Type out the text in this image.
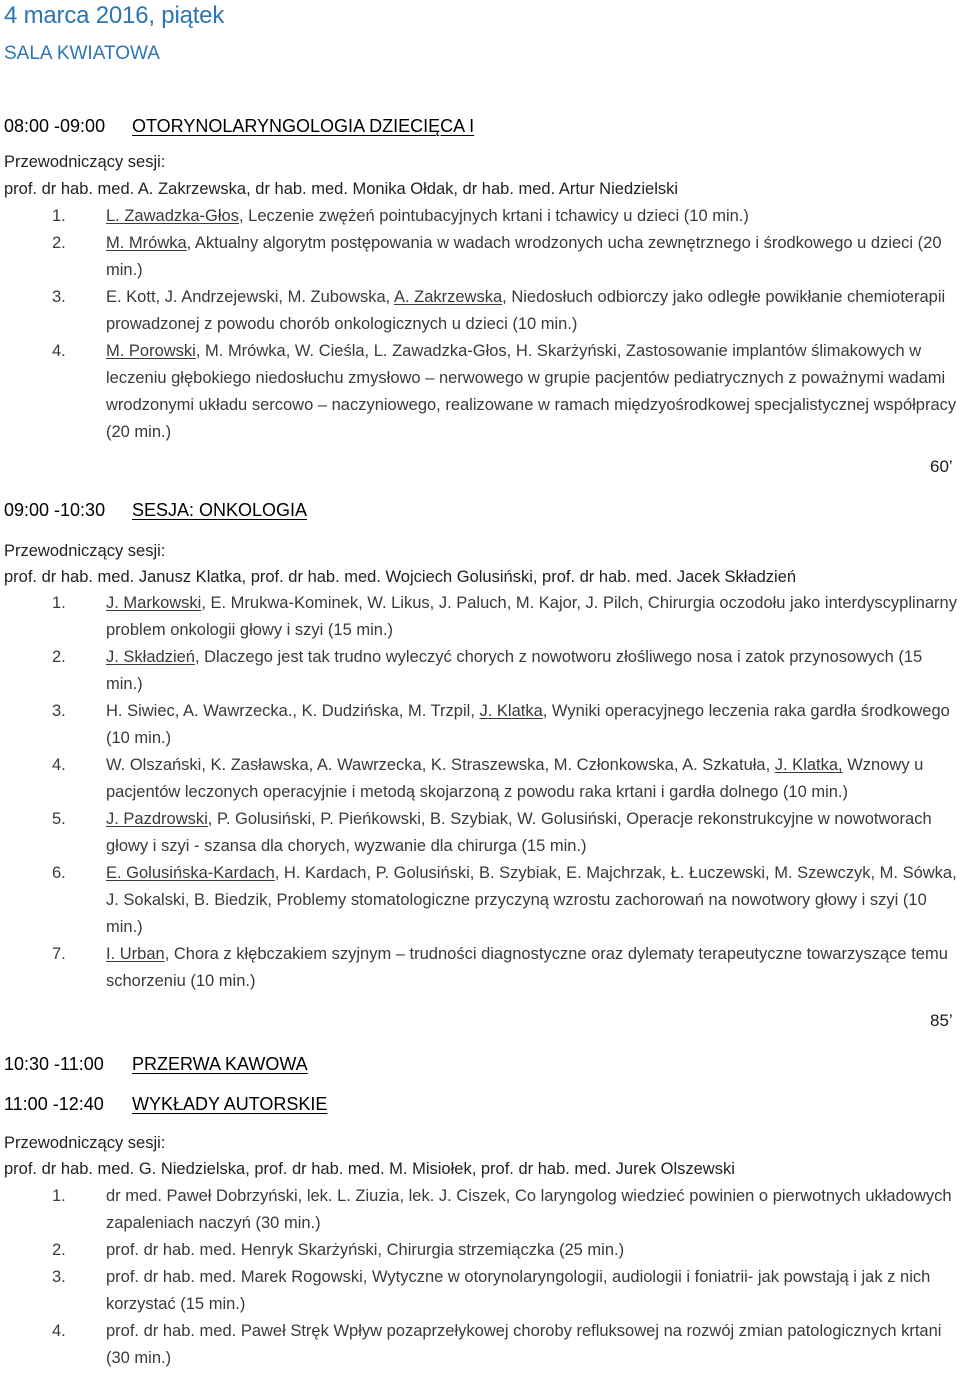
4 marca 2016, piątek
SALA KWIATOWA
08:00 -09:00 OTORYNOLARYNGOLOGIA DZIECIĘCA I
Przewodniczący sesji:
prof. dr hab. med. A. Zakrzewska, dr hab. med. Monika Ołdak, dr hab. med. Artur Niedzielski
1. L. Zawadzka-Głos, Leczenie zwężeń pointubacyjnych krtani i tchawicy u dzieci (10 min.)
2. M. Mrówka, Aktualny algorytm postępowania w wadach wrodzonych ucha zewnętrznego i środkowego u dzieci (20 min.)
3. E. Kott, J. Andrzejewski, M. Zubowska, A. Zakrzewska, Niedosłuch odbiorczy jako odległe powikłanie chemioterapii prowadzonej z powodu chorób onkologicznych u dzieci (10 min.)
4. M. Porowski, M. Mrówka, W. Cieśla, L. Zawadzka-Głos, H. Skarżyński, Zastosowanie implantów ślimakowych w leczeniu głębokiego niedosłuchu zmysłowo – nerwowego w grupie pacjentów pediatrycznych z poważnymi wadami wrodzonymi układu sercowo – naczyniowego, realizowane w ramach międzyośrodkowej specjalistycznej współpracy (20 min.)
60’
09:00 -10:30 SESJA: ONKOLOGIA
Przewodniczący sesji:
prof. dr hab. med. Janusz Klatka, prof. dr hab. med. Wojciech Golusiński, prof. dr hab. med. Jacek Składzień
1. J. Markowski, E. Mrukwa-Kominek, W. Likus, J. Paluch, M. Kajor, J. Pilch, Chirurgia oczodołu jako interdyscyplinarny problem onkologii głowy i szyi (15 min.)
2. J. Składzień, Dlaczego jest tak trudno wyleczyć chorych z nowotworu złośliwego nosa i zatok przynosowych (15 min.)
3. H. Siwiec, A. Wawrzecka., K. Dudzińska, M. Trzpil, J. Klatka, Wyniki operacyjnego leczenia raka gardła środkowego (10 min.)
4. W. Olszański, K. Zasławska, A. Wawrzecka, K. Straszewska, M. Członkowska, A. Szkatuła, J. Klatka, Wznowy u pacjentów leczonych operacyjnie i metodą skojarzoną z powodu raka krtani i gardła dolnego (10 min.)
5. J. Pazdrowski, P. Golusiński, P. Pieńkowski, B. Szybiak, W. Golusiński, Operacje rekonstrukcyjne w nowotworach głowy i szyi - szansa dla chorych, wyzwanie dla chirurga (15 min.)
6. E. Golusińska-Kardach, H. Kardach, P. Golusiński, B. Szybiak, E. Majchrzak, Ł. Łuczewski, M. Szewczyk, M. Sówka, J. Sokalski, B. Biedzik, Problemy stomatologiczne przyczyną wzrostu zachorowań na nowotwory głowy i szyi (10 min.)
7. I. Urban, Chora z kłębczakiem szyjnym – trudności diagnostyczne oraz dylematy terapeutyczne towarzyszące temu schorzeniu (10 min.)
85’
10:30 -11:00 PRZERWA KAWOWA
11:00 -12:40 WYKŁADY AUTORSKIE
Przewodniczący sesji:
prof. dr hab. med. G. Niedzielska, prof. dr hab. med. M. Misiołek, prof. dr hab. med. Jurek Olszewski
1. dr med. Paweł Dobrzyński, lek. L. Ziuzia, lek. J. Ciszek, Co laryngolog wiedzieć powinien o pierwotnych układowych zapaleniach naczyń (30 min.)
2. prof. dr hab. med. Henryk Skarżyński, Chirurgia strzemiączka (25 min.)
3. prof. dr hab. med. Marek Rogowski, Wytyczne w otorynolaryngologii, audiologii i foniatrii- jak powstają i jak z nich korzystać (15 min.)
4. prof. dr hab. med. Paweł Stręk Wpływ pozaprzełykowej choroby refluksowej na rozwój zmian patologicznych krtani (30 min.)
